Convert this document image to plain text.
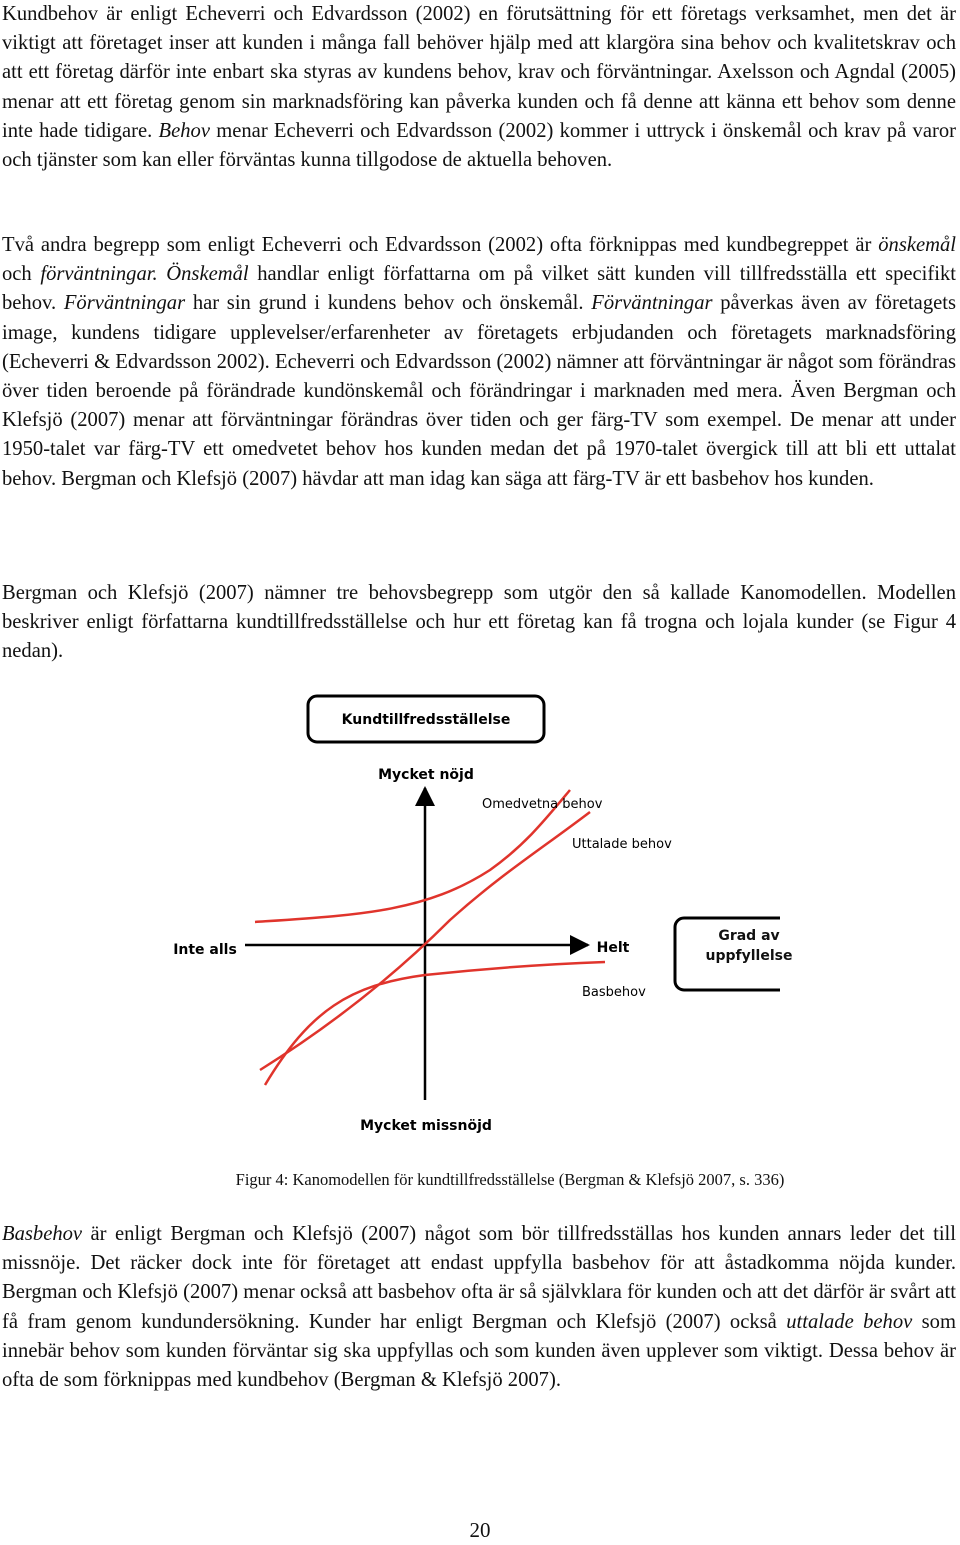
Kundbehov är enligt Echeverri och Edvardsson (2002) en förutsättning för ett företags verksamhet, men det är viktigt att företaget inser att kunden i många fall behöver hjälp med att klargöra sina behov och kvalitetskrav och att ett företag därför inte enbart ska styras av kundens behov, krav och förväntningar. Axelsson och Agndal (2005) menar att ett företag genom sin marknadsföring kan påverka kunden och få denne att känna ett behov som denne inte hade tidigare. Behov menar Echeverri och Edvardsson (2002) kommer i uttryck i önskemål och krav på varor och tjänster som kan eller förväntas kunna tillgodose de aktuella behoven.

Två andra begrepp som enligt Echeverri och Edvardsson (2002) ofta förknippas med kundbegreppet är önskemål och förväntningar. Önskemål handlar enligt författarna om på vilket sätt kunden vill tillfredsställa ett specifikt behov. Förväntningar har sin grund i kundens behov och önskemål. Förväntningar påverkas även av företagets image, kundens tidigare upplevelser/erfarenheter av företagets erbjudanden och företagets marknadsföring (Echeverri & Edvardsson 2002). Echeverri och Edvardsson (2002) nämner att förväntningar är något som förändras över tiden beroende på förändrade kundönskemål och förändringar i marknaden med mera. Även Bergman och Klefsjö (2007) menar att förväntningar förändras över tiden och ger färg-TV som exempel. De menar att under 1950-talet var färg-TV ett omedvetet behov hos kunden medan det på 1970-talet övergick till att bli ett uttalat behov. Bergman och Klefsjö (2007) hävdar att man idag kan säga att färg-TV är ett basbehov hos kunden.

Bergman och Klefsjö (2007) nämner tre behovsbegrepp som utgör den så kallade Kanomodellen. Modellen beskriver enligt författarna kundtillfredsställelse och hur ett företag kan få trogna och lojala kunder (se Figur 4 nedan).

Kundtillfredsställelse
Mycket nöjd
Mycket missnöjd
Inte alls	Helt
Omedvetna behov
Uttalade behov
Basbehov
Grad av
uppfyllelse
Figur 4: Kanomodellen för kundtillfredsställelse (Bergman & Klefsjö 2007, s. 336)

Basbehov är enligt Bergman och Klefsjö (2007) något som bör tillfredsställas hos kunden annars leder det till missnöje. Det räcker dock inte för företaget att endast uppfylla basbehov för att åstadkomma nöjda kunder. Bergman och Klefsjö (2007) menar också att basbehov ofta är så självklara för kunden och att det därför är svårt att få fram genom kundundersökning. Kunder har enligt Bergman och Klefsjö (2007) också uttalade behov som innebär behov som kunden förväntar sig ska uppfyllas och som kunden även upplever som viktigt. Dessa behov är ofta de som förknippas med kundbehov (Bergman & Klefsjö 2007).

20
